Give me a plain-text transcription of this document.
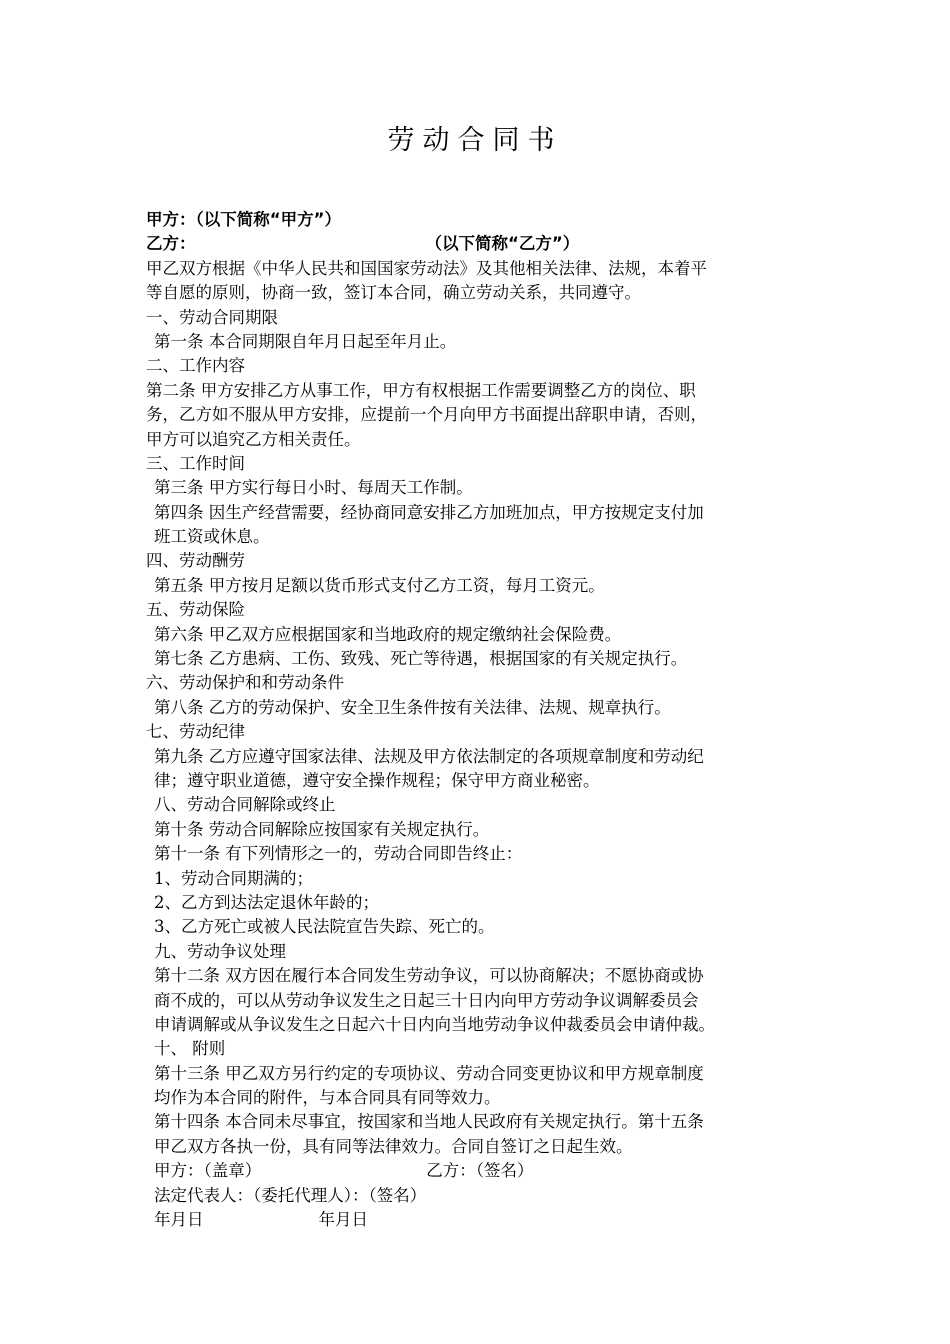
劳动合同书
甲方：（以下简称“甲方”）
乙方：	（以下简称“乙方”）
甲乙双方根据《中华人民共和国国家劳动法》及其他相关法律、法规，本着平
等自愿的原则，协商一致，签订本合同，确立劳动关系，共同遵守。
一、劳动合同期限
第一条 本合同期限自年月日起至年月止。
二、工作内容
第二条 甲方安排乙方从事工作，甲方有权根据工作需要调整乙方的岗位、职
务，乙方如不服从甲方安排，应提前一个月向甲方书面提出辞职申请，否则，
甲方可以追究乙方相关责任。
三、工作时间
第三条 甲方实行每日小时、每周天工作制。
第四条 因生产经营需要，经协商同意安排乙方加班加点，甲方按规定支付加
班工资或休息。
四、劳动酬劳
第五条 甲方按月足额以货币形式支付乙方工资，每月工资元。
五、劳动保险
第六条 甲乙双方应根据国家和当地政府的规定缴纳社会保险费。
第七条 乙方患病、工伤、致残、死亡等待遇，根据国家的有关规定执行。
六、劳动保护和和劳动条件
第八条 乙方的劳动保护、安全卫生条件按有关法律、法规、规章执行。
七、劳动纪律
第九条 乙方应遵守国家法律、法规及甲方依法制定的各项规章制度和劳动纪
律；遵守职业道德，遵守安全操作规程；保守甲方商业秘密。
八、劳动合同解除或终止
第十条 劳动合同解除应按国家有关规定执行。
第十一条 有下列情形之一的，劳动合同即告终止：
1、劳动合同期满的；
2、乙方到达法定退休年龄的；
3、乙方死亡或被人民法院宣告失踪、死亡的。
九、劳动争议处理
第十二条 双方因在履行本合同发生劳动争议，可以协商解决；不愿协商或协
商不成的，可以从劳动争议发生之日起三十日内向甲方劳动争议调解委员会
申请调解或从争议发生之日起六十日内向当地劳动争议仲裁委员会申请仲裁。
十、 附则
第十三条 甲乙双方另行约定的专项协议、劳动合同变更协议和甲方规章制度
均作为本合同的附件，与本合同具有同等效力。
第十四条 本合同未尽事宜，按国家和当地人民政府有关规定执行。第十五条
甲乙双方各执一份，具有同等法律效力。合同自签订之日起生效。
甲方：（盖章）	乙方：（签名）
法定代表人：（委托代理人）：（签名）
年月日	年月日
